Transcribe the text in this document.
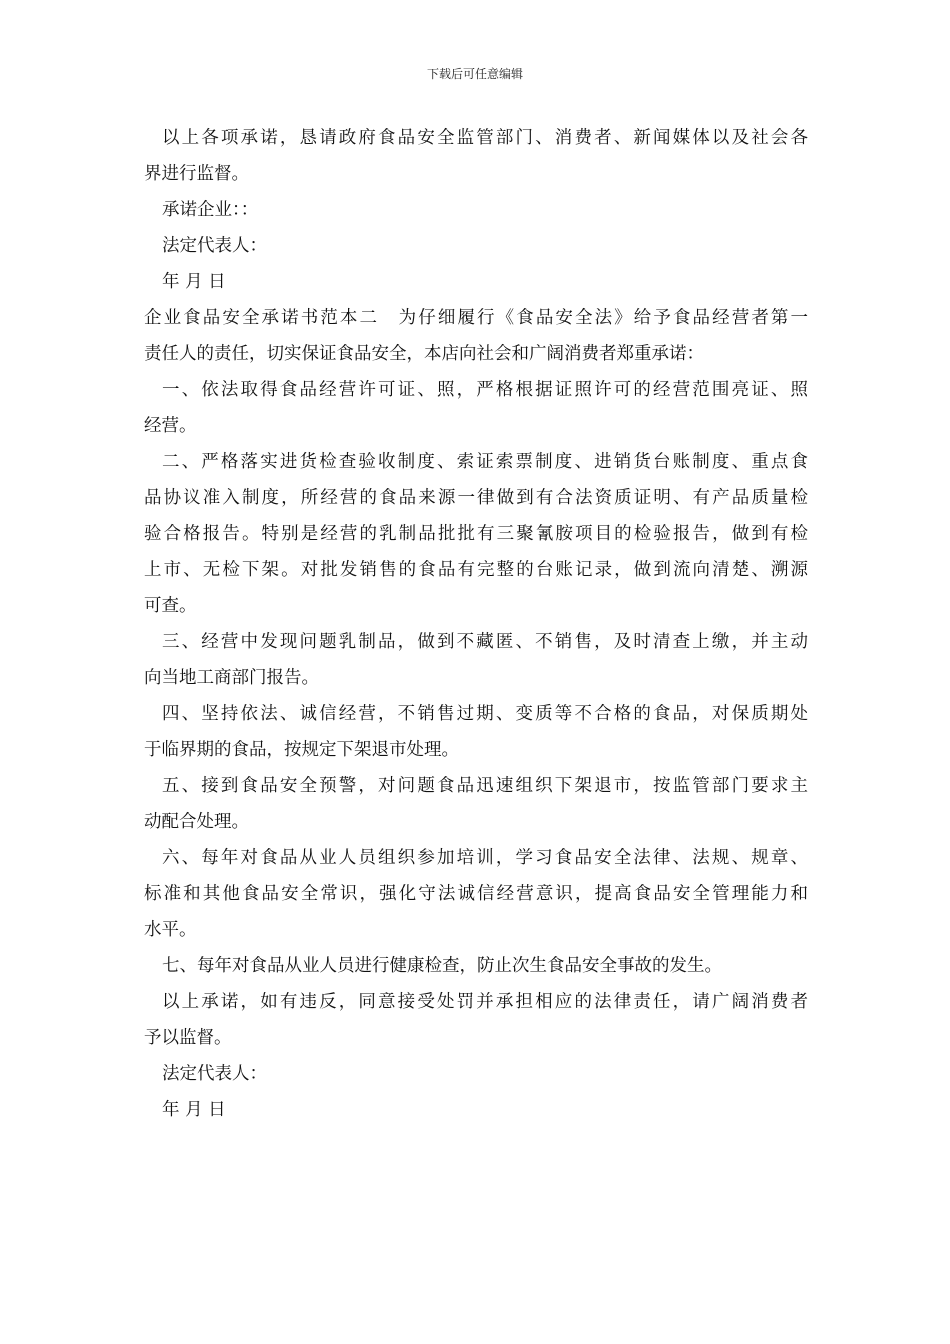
下载后可任意编辑
以上各项承诺，恳请政府食品安全监管部门、消费者、新闻媒体以及社会各
界进行监督。
承诺企业：：
法定代表人：
年 月 日
企业食品安全承诺书范本二　为仔细履行《食品安全法》给予食品经营者第一
责任人的责任，切实保证食品安全，本店向社会和广阔消费者郑重承诺：
一、依法取得食品经营许可证、照，严格根据证照许可的经营范围亮证、照
经营。
二、严格落实进货检查验收制度、索证索票制度、进销货台账制度、重点食
品协议准入制度，所经营的食品来源一律做到有合法资质证明、有产品质量检
验合格报告。特别是经营的乳制品批批有三聚氰胺项目的检验报告，做到有检
上市、无检下架。对批发销售的食品有完整的台账记录，做到流向清楚、溯源
可查。
三、经营中发现问题乳制品，做到不藏匿、不销售，及时清查上缴，并主动
向当地工商部门报告。
四、坚持依法、诚信经营，不销售过期、变质等不合格的食品，对保质期处
于临界期的食品，按规定下架退市处理。
五、接到食品安全预警，对问题食品迅速组织下架退市，按监管部门要求主
动配合处理。
六、每年对食品从业人员组织参加培训，学习食品安全法律、法规、规章、
标准和其他食品安全常识，强化守法诚信经营意识，提高食品安全管理能力和
水平。
七、每年对食品从业人员进行健康检查，防止次生食品安全事故的发生。
以上承诺，如有违反，同意接受处罚并承担相应的法律责任，请广阔消费者
予以监督。
法定代表人：
年 月 日
